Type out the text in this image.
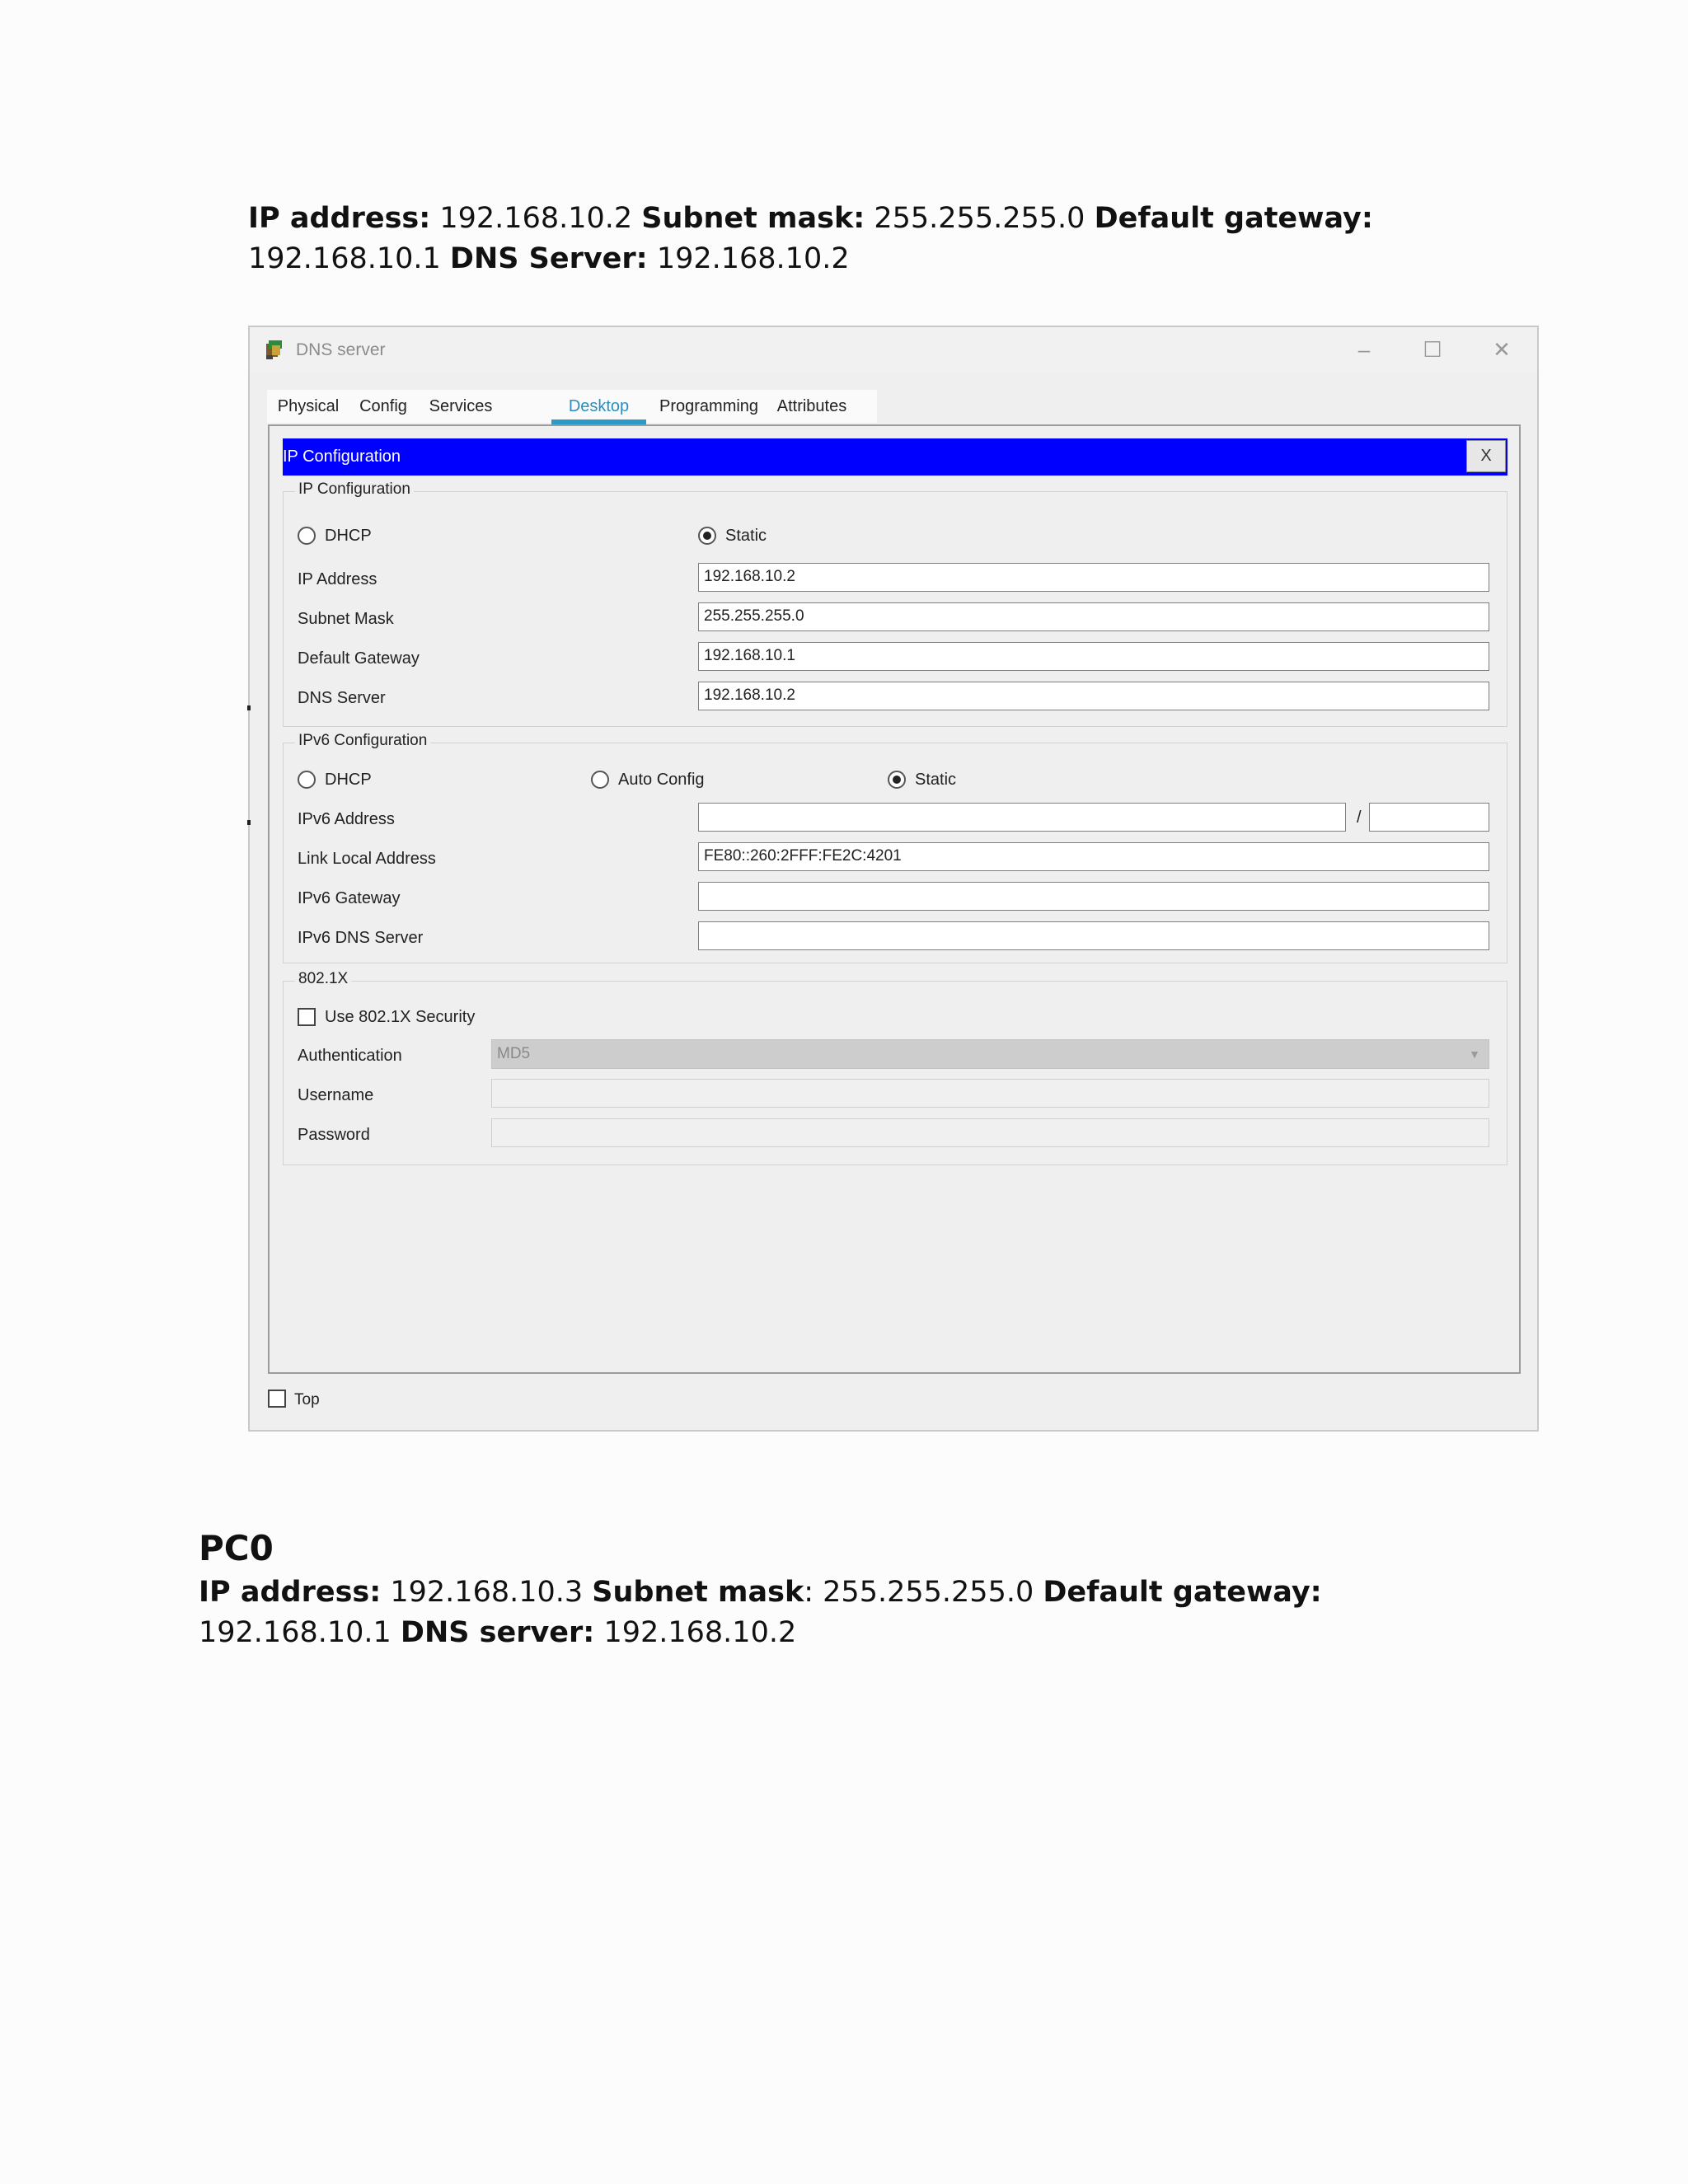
IP address: 192.168.10.2 Subnet mask: 255.255.255.0 Default gateway: 192.168.10.1 DNS Server: 192.168.10.2
DNS server	–	☐	✕
Physical Config Services	Desktop	Programming Attributes
IP Configuration	X
IP Configuration
DHCP	Static
IP Address	192.168.10.2
Subnet Mask	255.255.255.0
Default Gateway	192.168.10.1
DNS Server	192.168.10.2
IPv6 Configuration
DHCP	Auto Config	Static
IPv6 Address	/
Link Local Address	FE80::260:2FFF:FE2C:4201
IPv6 Gateway
IPv6 DNS Server
802.1X
Use 802.1X Security
Authentication	MD5	▼
Username
Password
Top
PC0
IP address: 192.168.10.3 Subnet mask: 255.255.255.0 Default gateway: 192.168.10.1 DNS server: 192.168.10.2
